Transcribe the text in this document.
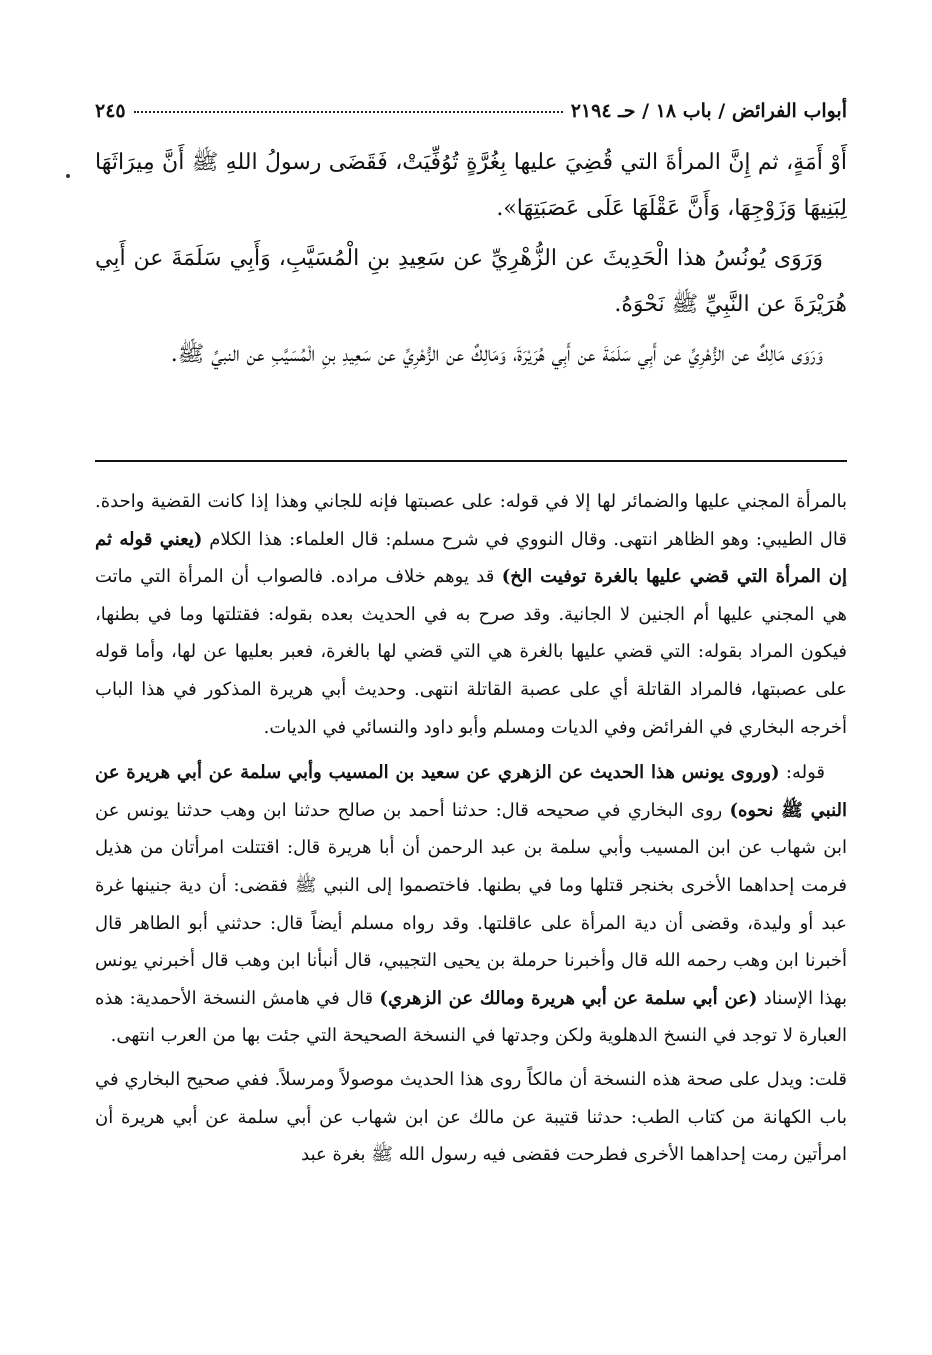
أبواب الفرائض / باب ١٨ / حـ ٢١٩٤
٢٤٥

أَوْ أَمَةٍ، ثم إِنَّ المرأةَ التي قُضِيَ عليها بِغُرَّةٍ تُوُفِّيَتْ، فَقَضَى رسولُ اللهِ ﷺ أَنَّ مِيرَاثَهَا لِبَنِيهَا وَزَوْجِهَا، وَأَنَّ عَقْلَهَا عَلَى عَصَبَتِهَا».

وَرَوَى يُونُسُ هذا الْحَدِيثَ عن الزُّهْرِيِّ عن سَعِيدِ بنِ الْمُسَيَّبِ، وَأَبِي سَلَمَةَ عن أَبِي هُرَيْرَةَ عن النَّبِيِّ ﷺ نَحْوَهُ.

وَرَوَى مَالِكٌ عن الزُّهْرِيِّ عن أَبِي سَلَمَةَ عن أَبِي هُرَيْرَةَ، وَمَالِكٌ عن الزُّهْرِيِّ عن سَعِيدِ بنِ الْمُسَيَّبِ عن النبيِّ ﷺ.

بالمرأة المجني عليها والضمائر لها إلا في قوله: على عصبتها فإنه للجاني وهذا إذا كانت القضية واحدة. قال الطيبي: وهو الظاهر انتهى. وقال النووي في شرح مسلم: قال العلماء: هذا الكلام (يعني قوله ثم إن المرأة التي قضي عليها بالغرة توفيت الخ) قد يوهم خلاف مراده. فالصواب أن المرأة التي ماتت هي المجني عليها أم الجنين لا الجانية. وقد صرح به في الحديث بعده بقوله: فقتلتها وما في بطنها، فيكون المراد بقوله: التي قضي عليها بالغرة هي التي قضي لها بالغرة، فعبر بعليها عن لها، وأما قوله على عصبتها، فالمراد القاتلة أي على عصبة القاتلة انتهى. وحديث أبي هريرة المذكور في هذا الباب أخرجه البخاري في الفرائض وفي الديات ومسلم وأبو داود والنسائي في الديات.

قوله: (وروى يونس هذا الحديث عن الزهري عن سعيد بن المسيب وأبي سلمة عن أبي هريرة عن النبي ﷺ نحوه) روى البخاري في صحيحه قال: حدثنا أحمد بن صالح حدثنا ابن وهب حدثنا يونس عن ابن شهاب عن ابن المسيب وأبي سلمة بن عبد الرحمن أن أبا هريرة قال: اقتتلت امرأتان من هذيل فرمت إحداهما الأخرى بخنجر قتلها وما في بطنها. فاختصموا إلى النبي ﷺ فقضى: أن دية جنينها غرة عبد أو وليدة، وقضى أن دية المرأة على عاقلتها. وقد رواه مسلم أيضاً قال: حدثني أبو الطاهر قال أخبرنا ابن وهب رحمه الله قال وأخبرنا حرملة بن يحيى التجيبي، قال أنبأنا ابن وهب قال أخبرني يونس بهذا الإسناد (عن أبي سلمة عن أبي هريرة ومالك عن الزهري) قال في هامش النسخة الأحمدية: هذه العبارة لا توجد في النسخ الدهلوية ولكن وجدتها في النسخة الصحيحة التي جئت بها من العرب انتهى.

قلت: ويدل على صحة هذه النسخة أن مالكاً روى هذا الحديث موصولاً ومرسلاً. ففي صحيح البخاري في باب الكهانة من كتاب الطب: حدثنا قتيبة عن مالك عن ابن شهاب عن أبي سلمة عن أبي هريرة أن امرأتين رمت إحداهما الأخرى فطرحت فقضى فيه رسول الله ﷺ بغرة عبد
